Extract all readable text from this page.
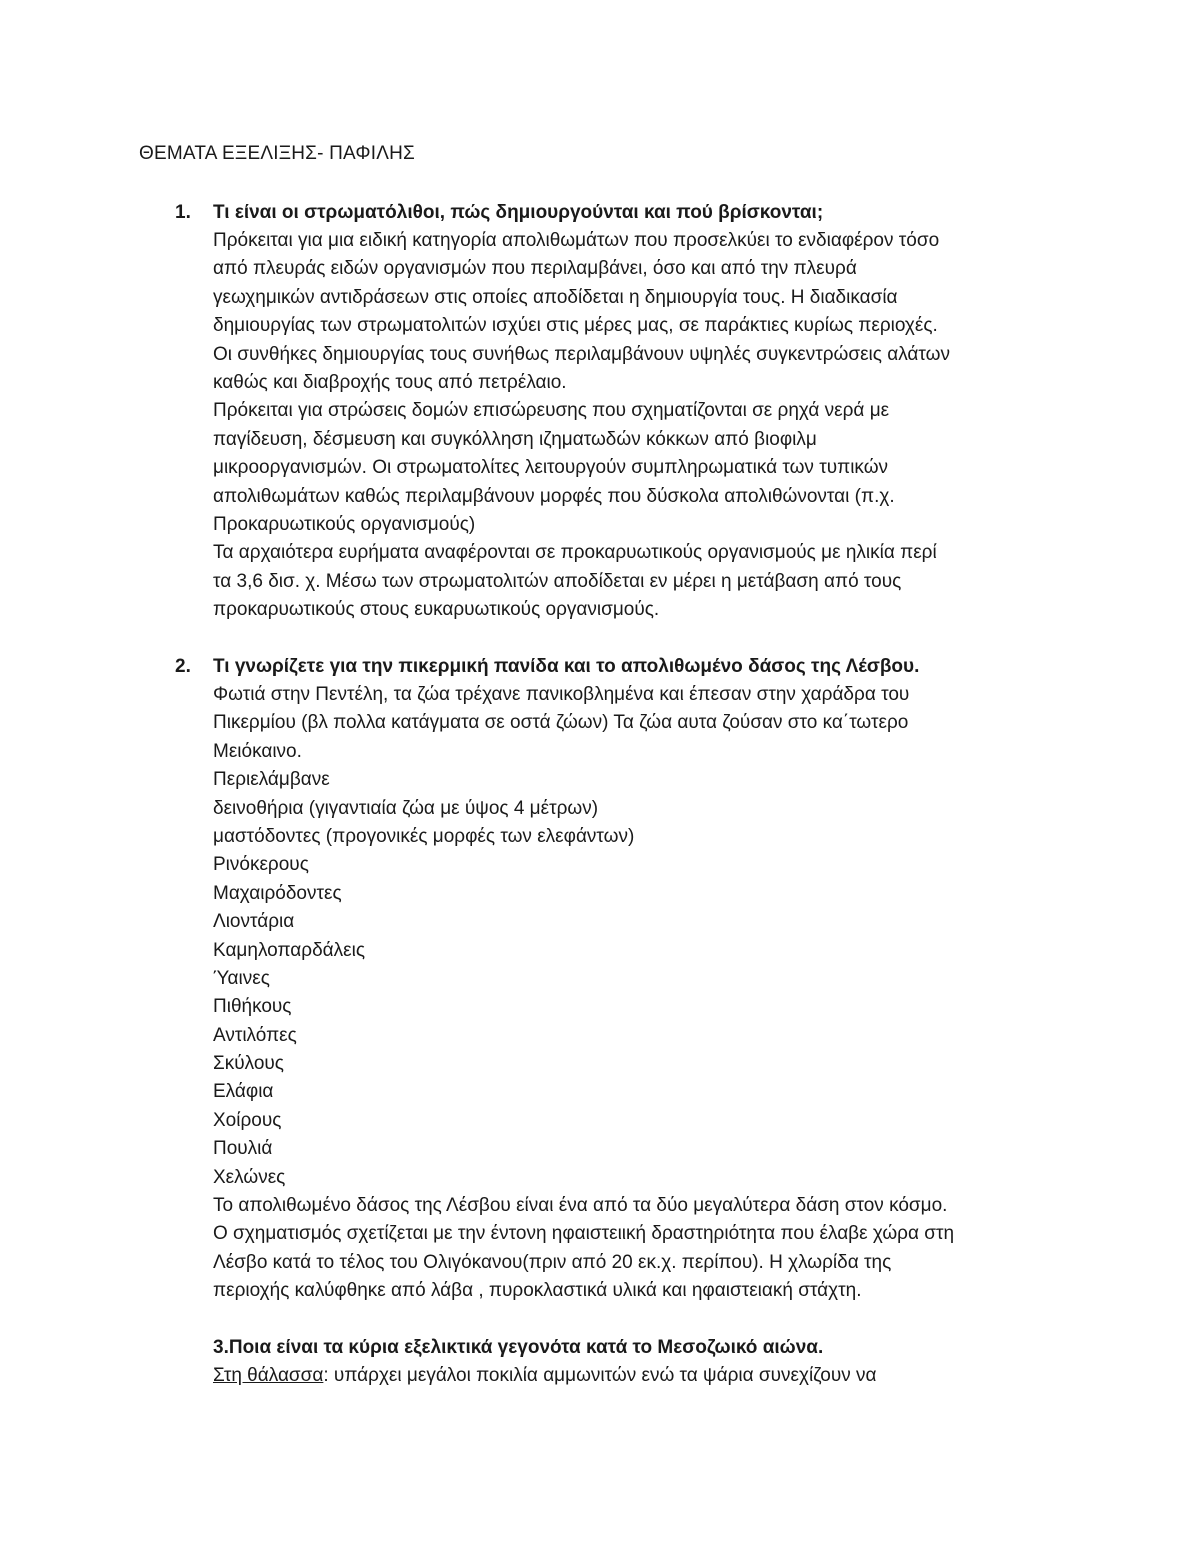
ΘΕΜΑΤΑ ΕΞΕΛΙΞΗΣ- ΠΑΦΙΛΗΣ
1.	Τι είναι οι στρωματόλιθοι, πώς δημιουργούνται και πού βρίσκονται;
Πρόκειται για μια ειδική κατηγορία απολιθωμάτων που προσελκύει το ενδιαφέρον τόσο
από πλευράς ειδών οργανισμών που περιλαμβάνει, όσο και από την πλευρά
γεωχημικών αντιδράσεων στις οποίες αποδίδεται η δημιουργία τους. Η διαδικασία
δημιουργίας των στρωματολιτών ισχύει στις μέρες μας, σε παράκτιες κυρίως περιοχές.
Οι συνθήκες δημιουργίας τους συνήθως περιλαμβάνουν υψηλές συγκεντρώσεις αλάτων
καθώς και διαβροχής τους από πετρέλαιο.
Πρόκειται για στρώσεις δομών επισώρευσης που σχηματίζονται σε ρηχά νερά με
παγίδευση, δέσμευση και συγκόλληση ιζηματωδών κόκκων από βιοφιλμ
μικροοργανισμών. Οι στρωματολίτες λειτουργούν συμπληρωματικά των τυπικών
απολιθωμάτων καθώς περιλαμβάνουν μορφές που δύσκολα απολιθώνονται (π.χ.
Προκαρυωτικούς οργανισμούς)
Τα αρχαιότερα ευρήματα αναφέρονται σε προκαρυωτικούς οργανισμούς με ηλικία περί
τα 3,6 δισ. χ. Μέσω των στρωματολιτών αποδίδεται εν μέρει η μετάβαση από τους
προκαρυωτικούς στους ευκαρυωτικούς οργανισμούς.
2.	Τι γνωρίζετε για την πικερμική πανίδα και το απολιθωμένο δάσος της Λέσβου.
Φωτιά στην Πεντέλη, τα ζώα τρέχανε πανικοβλημένα και έπεσαν στην χαράδρα του
Πικερμίου (βλ πολλα κατάγματα σε οστά ζώων) Τα ζώα αυτα ζούσαν στο κα΄τωτερο
Μειόκαινο.
Περιελάμβανε
δεινοθήρια (γιγαντιαία ζώα με ύψος 4 μέτρων)
μαστόδοντες (προγονικές μορφές των ελεφάντων)
Ρινόκερους
Μαχαιρόδοντες
Λιοντάρια
Καμηλοπαρδάλεις
Ύαινες
Πιθήκους
Αντιλόπες
Σκύλους
Ελάφια
Χοίρους
Πουλιά
Χελώνες
Το απολιθωμένο δάσος της Λέσβου είναι ένα από τα δύο μεγαλύτερα δάση στον κόσμο.
Ο σχηματισμός σχετίζεται με την έντονη ηφαιστειική δραστηριότητα που έλαβε χώρα στη
Λέσβο κατά το τέλος του Ολιγόκανου(πριν από 20 εκ.χ. περίπου). Η χλωρίδα της
περιοχής καλύφθηκε από λάβα , πυροκλαστικά υλικά και ηφαιστειακή στάχτη.
3.Ποια είναι τα κύρια εξελικτικά γεγονότα κατά το Μεσοζωικό αιώνα.
Στη θάλασσα: υπάρχει μεγάλοι ποκιλία αμμωνιτών ενώ τα ψάρια συνεχίζουν να
